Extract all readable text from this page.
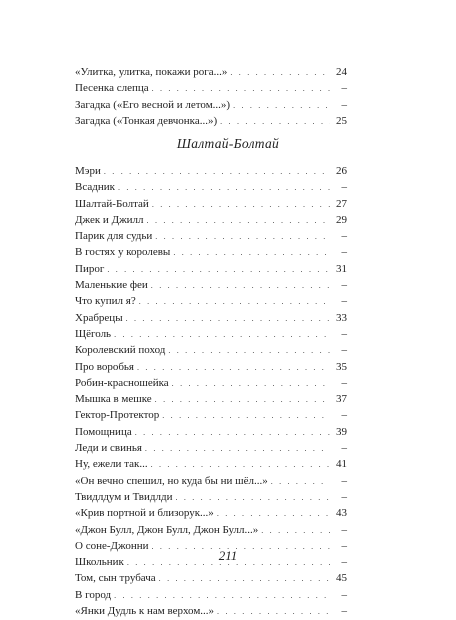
«Улитка, улитка, покажи рога...» . . .	24
Песенка слепца . . .	–
Загадка («Его весной и летом...») . . .	–
Загадка («Тонкая девчонка...») . . .	25
Шалтай-Болтай
Мэри . . .	26
Всадник . . .	–
Шалтай-Болтай . . .	27
Джек и Джилл . . .	29
Парик для судьи . . .	–
В гостях у королевы . . .	–
Пирог . . .	31
Маленькие феи . . .	–
Что купил я? . . .	–
Храбрецы . . .	33
Щёголь . . .	–
Королевский поход . . .	–
Про воробья . . .	35
Робин-красношейка . . .	–
Мышка в мешке . . .	37
Гектор-Протектор . . .	–
Помощница . . .	39
Леди и свинья . . .	–
Ну, ежели так... . . .	41
«Он вечно спешил, но куда бы ни шёл...» . . .	–
Твидлдум и Твидлди . . .	–
«Крив портной и близорук...» . . .	43
«Джон Булл, Джон Булл, Джон Булл...» . . .	–
О соне-Джонни . . .	–
Школьник . . .	–
Том, сын трубача . . .	45
В город . . .	–
«Янки Дудль к нам верхом...» . . .	–
211
